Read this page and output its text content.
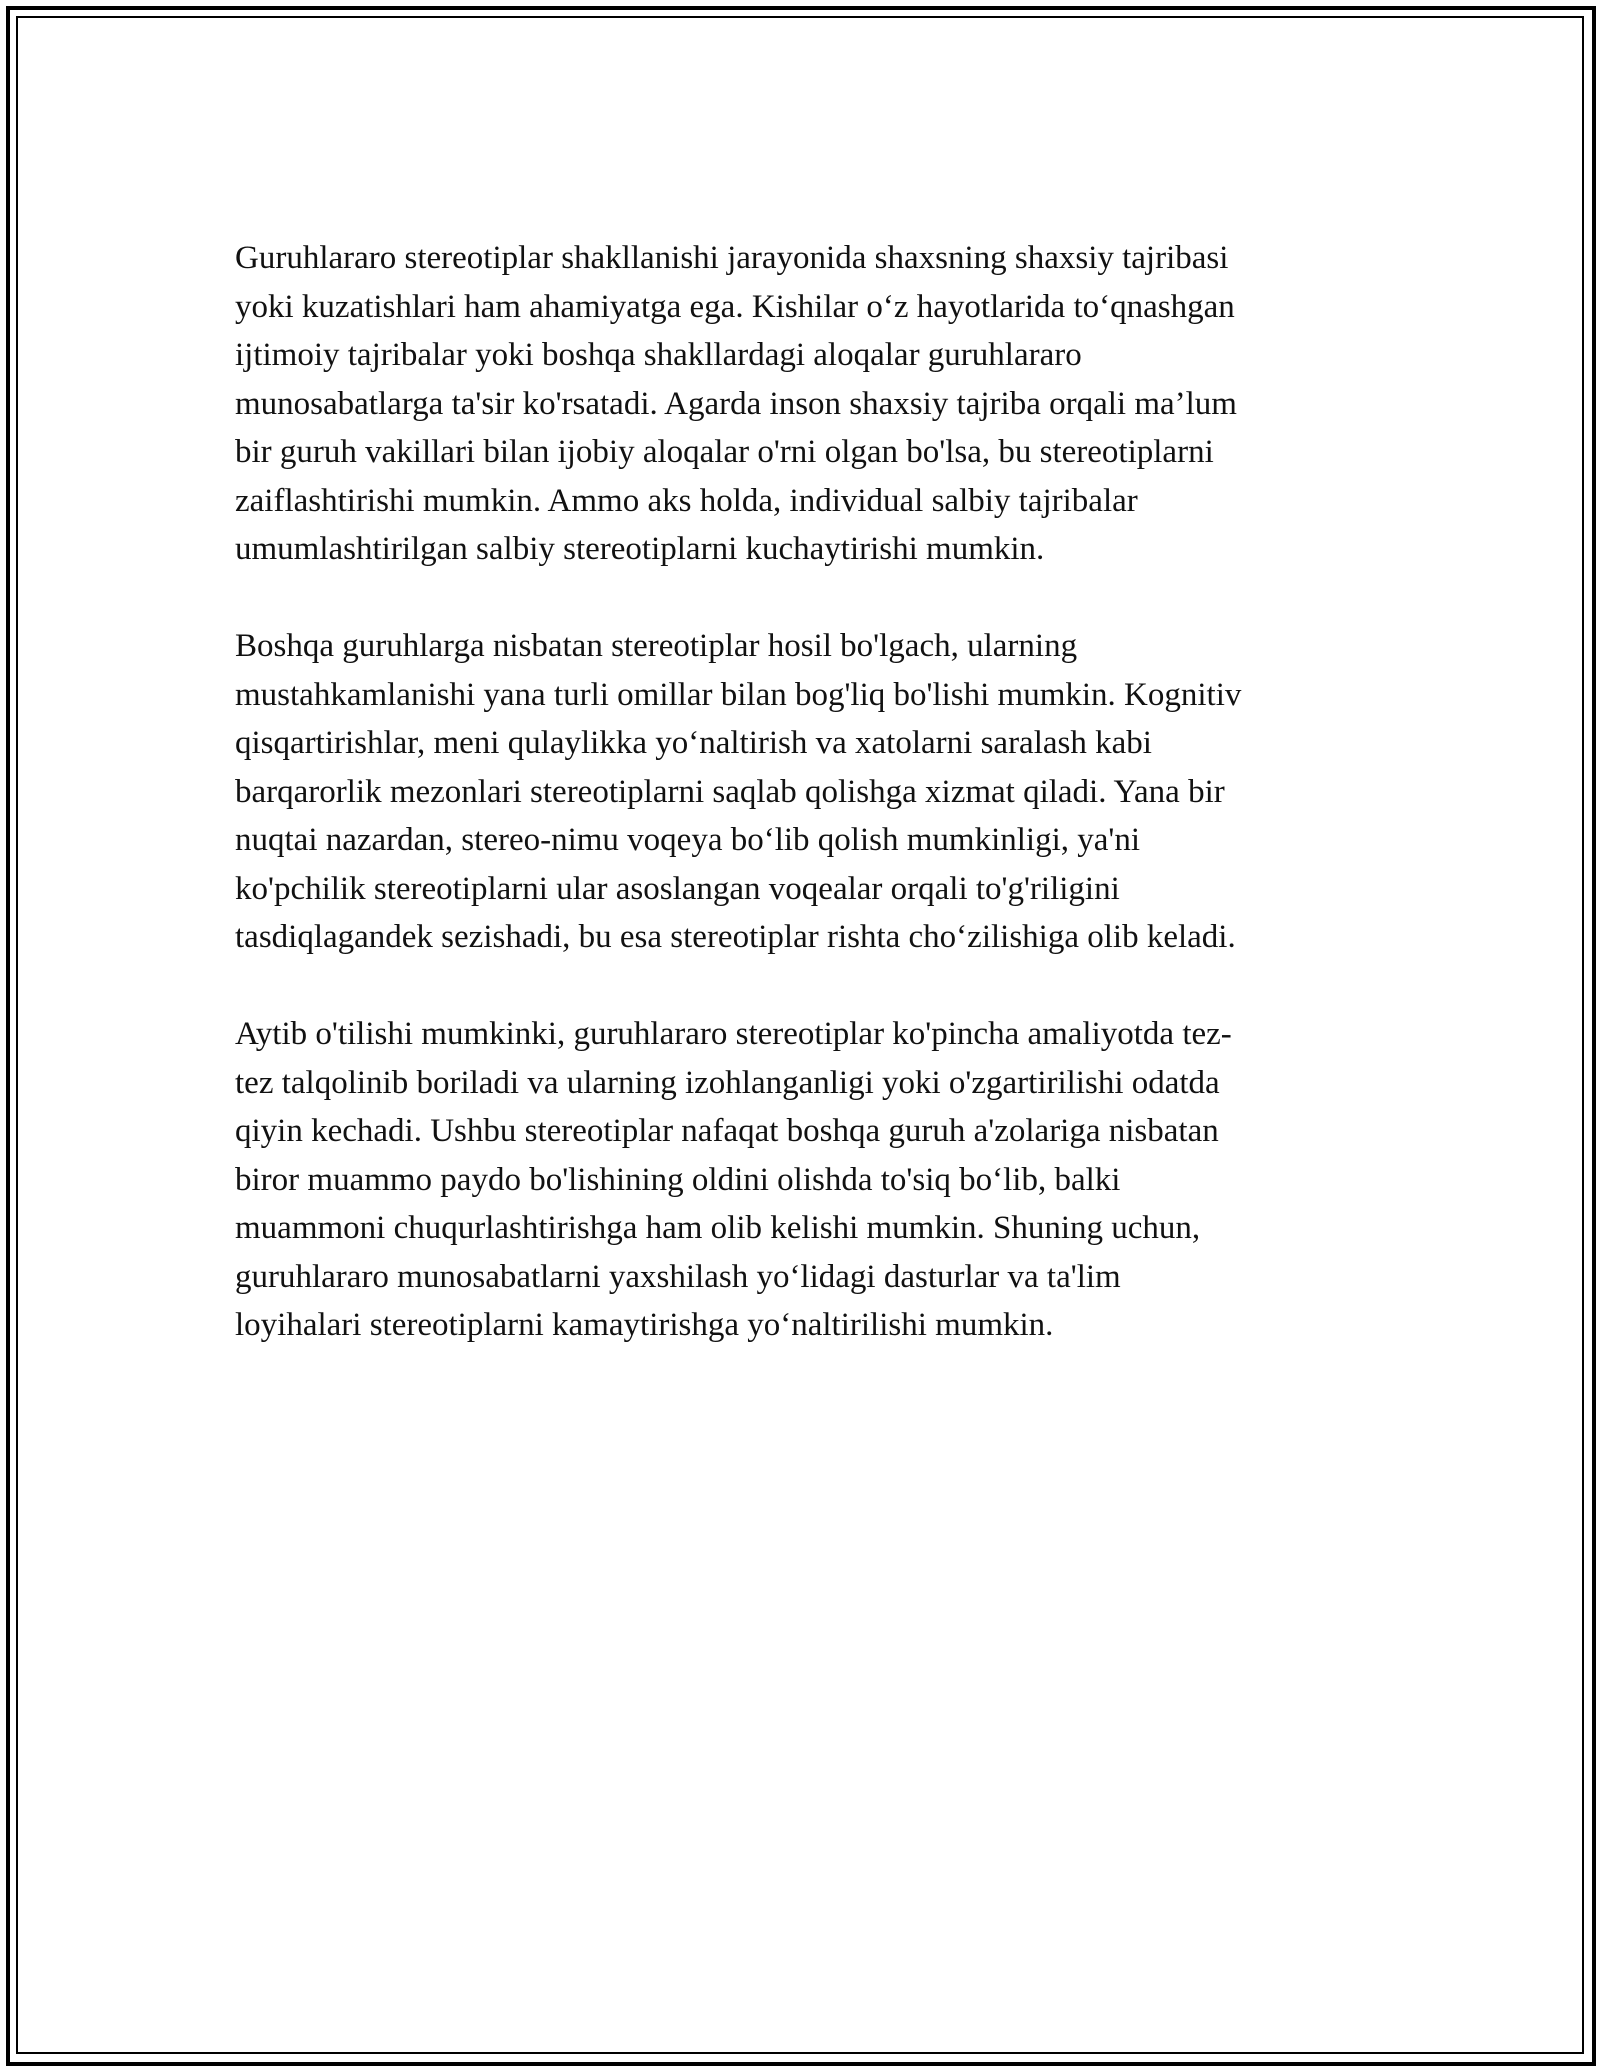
Guruhlararo stereotiplar shakllanishi jarayonida shaxsning shaxsiy tajribasi
yoki kuzatishlari ham ahamiyatga ega. Kishilar o‘z hayotlarida to‘qnashgan
ijtimoiy tajribalar yoki boshqa shakllardagi aloqalar guruhlararo
munosabatlarga ta'sir ko'rsatadi. Agarda inson shaxsiy tajriba orqali ma’lum
bir guruh vakillari bilan ijobiy aloqalar o'rni olgan bo'lsa, bu stereotiplarni
zaiflashtirishi mumkin. Ammo aks holda, individual salbiy tajribalar
umumlashtirilgan salbiy stereotiplarni kuchaytirishi mumkin.

Boshqa guruhlarga nisbatan stereotiplar hosil bo'lgach, ularning
mustahkamlanishi yana turli omillar bilan bog'liq bo'lishi mumkin. Kognitiv
qisqartirishlar, meni qulaylikka yo‘naltirish va xatolarni saralash kabi
barqarorlik mezonlari stereotiplarni saqlab qolishga xizmat qiladi. Yana bir
nuqtai nazardan, stereo-nimu voqeya bo‘lib qolish mumkinligi, ya'ni
ko'pchilik stereotiplarni ular asoslangan voqealar orqali to'g'riligini
tasdiqlagandek sezishadi, bu esa stereotiplar rishta cho‘zilishiga olib keladi.

Aytib o'tilishi mumkinki, guruhlararo stereotiplar ko'pincha amaliyotda tez-
tez talqolinib boriladi va ularning izohlanganligi yoki o'zgartirilishi odatda
qiyin kechadi. Ushbu stereotiplar nafaqat boshqa guruh a'zolariga nisbatan
biror muammo paydo bo'lishining oldini olishda to'siq bo‘lib, balki
muammoni chuqurlashtirishga ham olib kelishi mumkin. Shuning uchun,
guruhlararo munosabatlarni yaxshilash yo‘lidagi dasturlar va ta'lim
loyihalari stereotiplarni kamaytirishga yo‘naltirilishi mumkin.
